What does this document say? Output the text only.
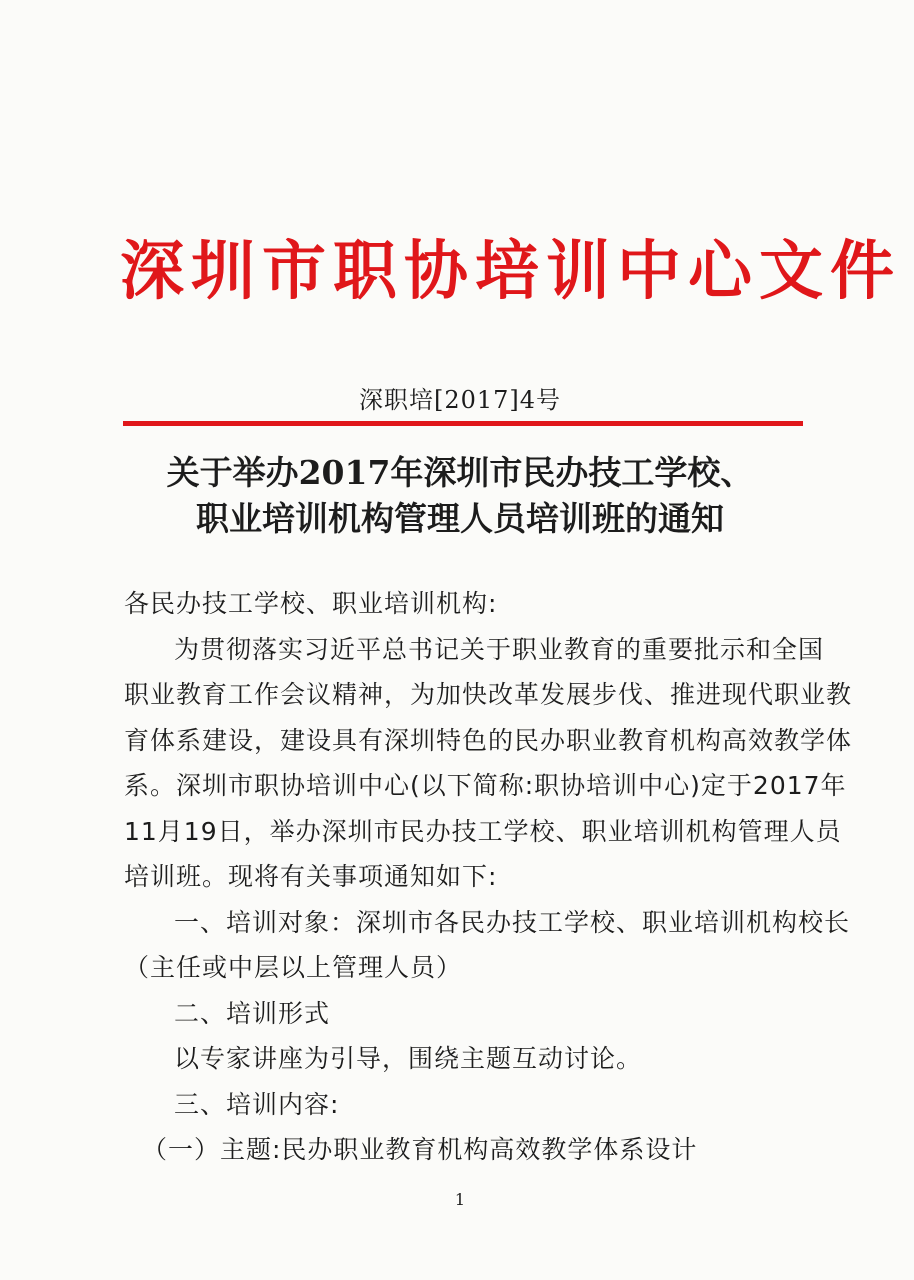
深圳市职协培训中心文件
深职培[2017]4号
关于举办2017年深圳市民办技工学校、
职业培训机构管理人员培训班的通知

各民办技工学校、职业培训机构:

为贯彻落实习近平总书记关于职业教育的重要批示和全国

职业教育工作会议精神，为加快改革发展步伐、推进现代职业教

育体系建设，建设具有深圳特色的民办职业教育机构高效教学体

系。深圳市职协培训中心(以下简称:职协培训中心)定于2017年

11月19日，举办深圳市民办技工学校、职业培训机构管理人员

培训班。现将有关事项通知如下:

一、培训对象：深圳市各民办技工学校、职业培训机构校长

（主任或中层以上管理人员）

二、培训形式

以专家讲座为引导，围绕主题互动讨论。

三、培训内容:

（一）主题:民办职业教育机构高效教学体系设计

1
